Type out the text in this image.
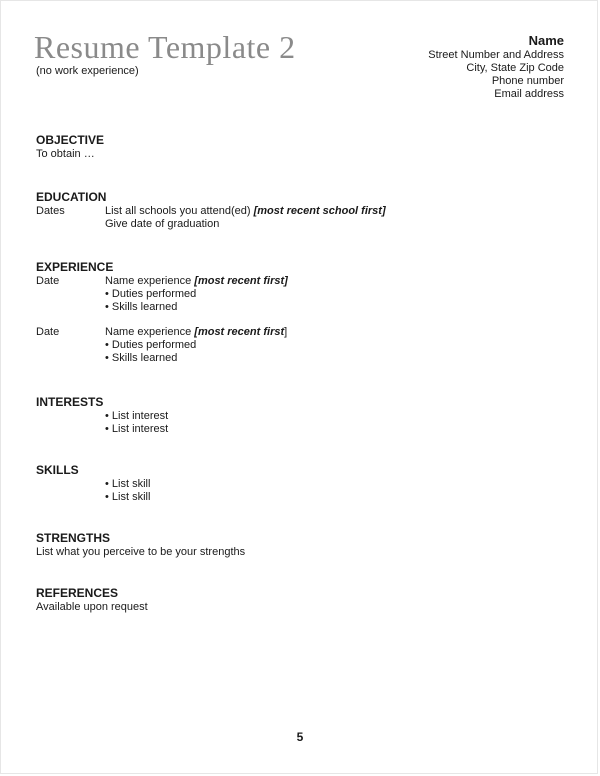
Resume Template 2
(no work experience)
Name
Street Number and Address
City, State Zip Code
Phone number
Email address
OBJECTIVE
To obtain …
EDUCATION
Dates	List all schools you attend(ed) [most recent school first]
Give date of graduation
EXPERIENCE
Date	Name experience [most recent first]
• Duties performed
• Skills learned
Date	Name experience [most recent first]
• Duties performed
• Skills learned
INTERESTS
• List interest
• List interest
SKILLS
• List skill
• List skill
STRENGTHS
List what you perceive to be your strengths
REFERENCES
Available upon request
5
